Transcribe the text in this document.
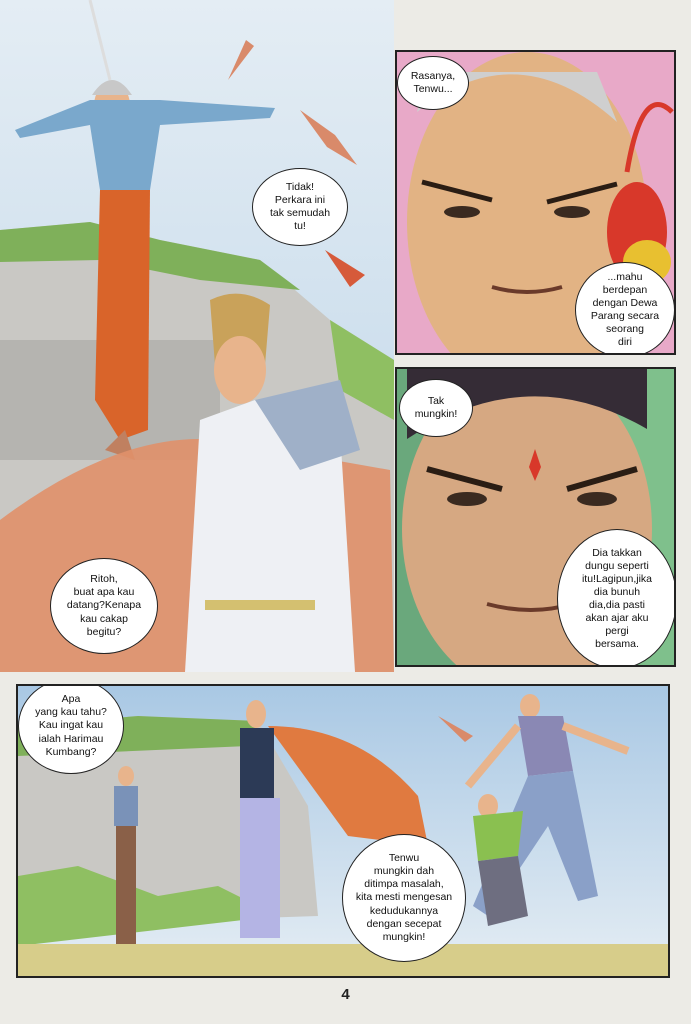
Tidak!
Perkara ini
tak semudah
tu!
Ritoh,
buat apa kau
datang?Kenapa
kau cakap
begitu?
Rasanya,
Tenwu...
...mahu
berdepan
dengan Dewa
Parang secara
seorang
diri
Tak
mungkin!
Dia takkan
dungu seperti
itu!Lagipun,jika
dia bunuh
dia,dia pasti
akan ajar aku
pergi
bersama.
Apa
yang kau tahu?
Kau ingat kau
ialah Harimau
Kumbang?
Tenwu
mungkin dah
ditimpa masalah,
kita mesti mengesan
kedudukannya
dengan secepat
mungkin!
4
